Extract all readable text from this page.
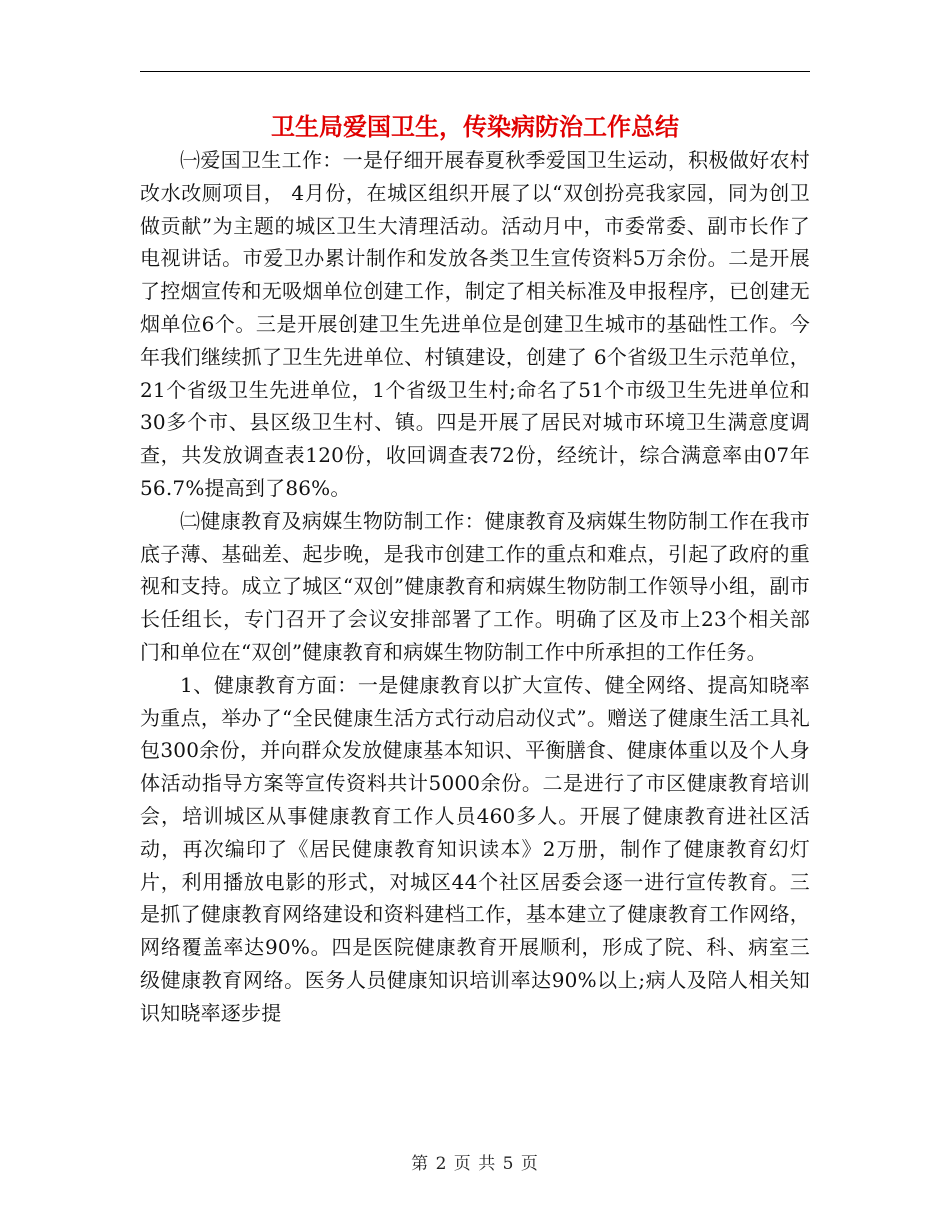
卫生局爱国卫生，传染病防治工作总结

㈠爱国卫生工作：一是仔细开展春夏秋季爱国卫生运动，积极做好农村改水改厕项目， 4月份，在城区组织开展了以“双创扮亮我家园，同为创卫做贡献”为主题的城区卫生大清理活动。活动月中，市委常委、副市长作了电视讲话。市爱卫办累计制作和发放各类卫生宣传资料5万余份。二是开展了控烟宣传和无吸烟单位创建工作，制定了相关标准及申报程序，已创建无烟单位6个。三是开展创建卫生先进单位是创建卫生城市的基础性工作。今年我们继续抓了卫生先进单位、村镇建设，创建了 6个省级卫生示范单位，21个省级卫生先进单位，1个省级卫生村;命名了51个市级卫生先进单位和30多个市、县区级卫生村、镇。四是开展了居民对城市环境卫生满意度调查，共发放调查表120份，收回调查表72份，经统计，综合满意率由07年56.7%提高到了86%。

㈡健康教育及病媒生物防制工作：健康教育及病媒生物防制工作在我市底子薄、基础差、起步晚，是我市创建工作的重点和难点，引起了政府的重视和支持。成立了城区“双创”健康教育和病媒生物防制工作领导小组，副市长任组长，专门召开了会议安排部署了工作。明确了区及市上23个相关部门和单位在“双创”健康教育和病媒生物防制工作中所承担的工作任务。

1、健康教育方面：一是健康教育以扩大宣传、健全网络、提高知晓率为重点，举办了“全民健康生活方式行动启动仪式”。赠送了健康生活工具礼包300余份，并向群众发放健康基本知识、平衡膳食、健康体重以及个人身体活动指导方案等宣传资料共计5000余份。二是进行了市区健康教育培训会，培训城区从事健康教育工作人员460多人。开展了健康教育进社区活动，再次编印了《居民健康教育知识读本》2万册，制作了健康教育幻灯片，利用播放电影的形式，对城区44个社区居委会逐一进行宣传教育。三是抓了健康教育网络建设和资料建档工作，基本建立了健康教育工作网络，网络覆盖率达90%。四是医院健康教育开展顺利，形成了院、科、病室三级健康教育网络。医务人员健康知识培训率达90%以上;病人及陪人相关知识知晓率逐步提

第 2 页 共 5 页
